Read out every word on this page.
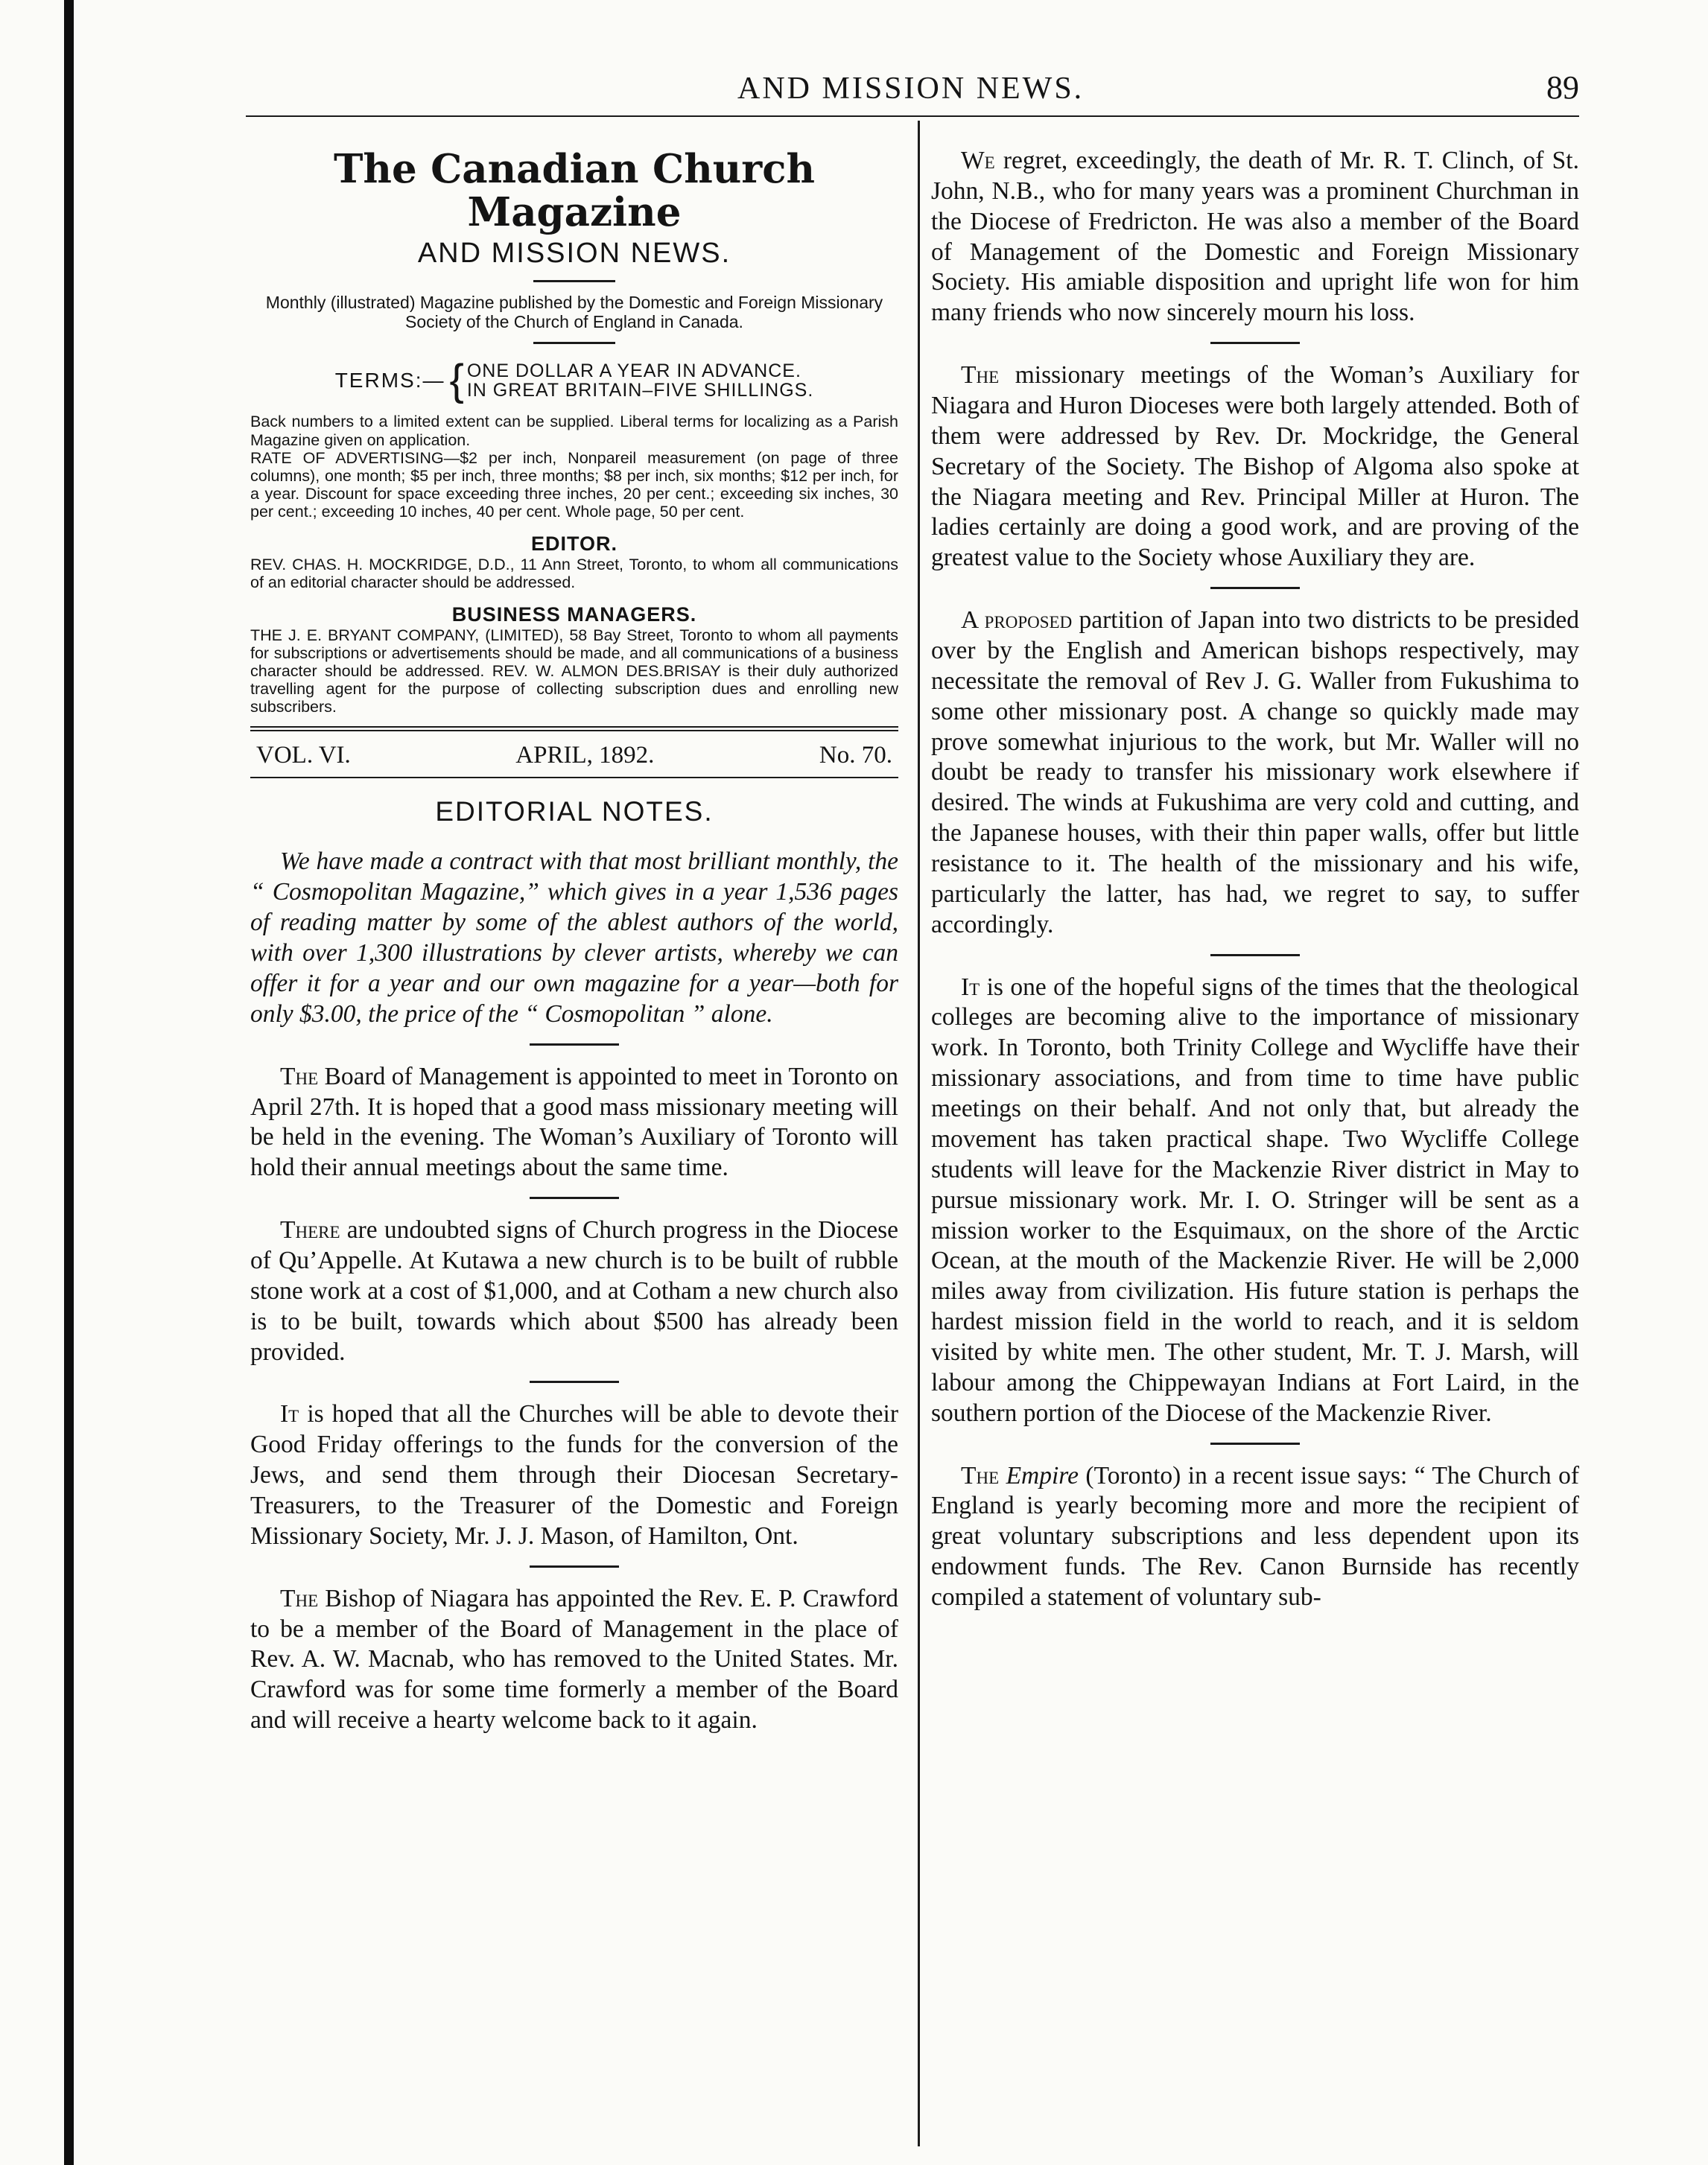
AND MISSION NEWS.	89
The Canadian Church Magazine
AND MISSION NEWS.
Monthly (illustrated) Magazine published by the Domestic and Foreign Missionary Society of the Church of England in Canada.
TERMS:— { ONE DOLLAR A YEAR IN ADVANCE.
IN GREAT BRITAIN–FIVE SHILLINGS.
Back numbers to a limited extent can be supplied. Liberal terms for localizing as a Parish Magazine given on application.
RATE OF ADVERTISING—$2 per inch, Nonpareil measurement (on page of three columns), one month; $5 per inch, three months; $8 per inch, six months; $12 per inch, for a year. Discount for space exceeding three inches, 20 per cent.; exceeding six inches, 30 per cent.; exceeding 10 inches, 40 per cent. Whole page, 50 per cent.
EDITOR.
REV. CHAS. H. MOCKRIDGE, D.D., 11 Ann Street, Toronto, to whom all communications of an editorial character should be addressed.
BUSINESS MANAGERS.
THE J. E. BRYANT COMPANY, (LIMITED), 58 Bay Street, Toronto to whom all payments for subscriptions or advertisements should be made, and all communications of a business character should be addressed. REV. W. ALMON DES.BRISAY is their duly authorized travelling agent for the purpose of collecting subscription dues and enrolling new subscribers.
VOL. VI.	APRIL, 1892.	No. 70.
EDITORIAL NOTES.

We have made a contract with that most brilliant monthly, the “ Cosmopolitan Magazine,” which gives in a year 1,536 pages of reading matter by some of the ablest authors of the world, with over 1,300 illustrations by clever artists, whereby we can offer it for a year and our own magazine for a year—both for only $3.00, the price of the “ Cosmopolitan ” alone.

The Board of Management is appointed to meet in Toronto on April 27th. It is hoped that a good mass missionary meeting will be held in the evening. The Woman’s Auxiliary of Toronto will hold their annual meetings about the same time.

There are undoubted signs of Church progress in the Diocese of Qu’Appelle. At Kutawa a new church is to be built of rubble stone work at a cost of $1,000, and at Cotham a new church also is to be built, towards which about $500 has already been provided.

It is hoped that all the Churches will be able to devote their Good Friday offerings to the funds for the conversion of the Jews, and send them through their Diocesan Secretary-Treasurers, to the Treasurer of the Domestic and Foreign Missionary Society, Mr. J. J. Mason, of Hamilton, Ont.

The Bishop of Niagara has appointed the Rev. E. P. Crawford to be a member of the Board of Management in the place of Rev. A. W. Macnab, who has removed to the United States. Mr. Crawford was for some time formerly a member of the Board and will receive a hearty welcome back to it again.

We regret, exceedingly, the death of Mr. R. T. Clinch, of St. John, N.B., who for many years was a prominent Churchman in the Diocese of Fredricton. He was also a member of the Board of Management of the Domestic and Foreign Missionary Society. His amiable disposition and upright life won for him many friends who now sincerely mourn his loss.

The missionary meetings of the Woman’s Auxiliary for Niagara and Huron Dioceses were both largely attended. Both of them were addressed by Rev. Dr. Mockridge, the General Secretary of the Society. The Bishop of Algoma also spoke at the Niagara meeting and Rev. Principal Miller at Huron. The ladies certainly are doing a good work, and are proving of the greatest value to the Society whose Auxiliary they are.

A proposed partition of Japan into two districts to be presided over by the English and American bishops respectively, may necessitate the removal of Rev J. G. Waller from Fukushima to some other missionary post. A change so quickly made may prove somewhat injurious to the work, but Mr. Waller will no doubt be ready to transfer his missionary work elsewhere if desired. The winds at Fukushima are very cold and cutting, and the Japanese houses, with their thin paper walls, offer but little resistance to it. The health of the missionary and his wife, particularly the latter, has had, we regret to say, to suffer accordingly.

It is one of the hopeful signs of the times that the theological colleges are becoming alive to the importance of missionary work. In Toronto, both Trinity College and Wycliffe have their missionary associations, and from time to time have public meetings on their behalf. And not only that, but already the movement has taken practical shape. Two Wycliffe College students will leave for the Mackenzie River district in May to pursue missionary work. Mr. I. O. Stringer will be sent as a mission worker to the Esquimaux, on the shore of the Arctic Ocean, at the mouth of the Mackenzie River. He will be 2,000 miles away from civilization. His future station is perhaps the hardest mission field in the world to reach, and it is seldom visited by white men. The other student, Mr. T. J. Marsh, will labour among the Chippewayan Indians at Fort Laird, in the southern portion of the Diocese of the Mackenzie River.

The Empire (Toronto) in a recent issue says: “ The Church of England is yearly becoming more and more the recipient of great voluntary subscriptions and less dependent upon its endowment funds. The Rev. Canon Burnside has recently compiled a statement of voluntary sub-
